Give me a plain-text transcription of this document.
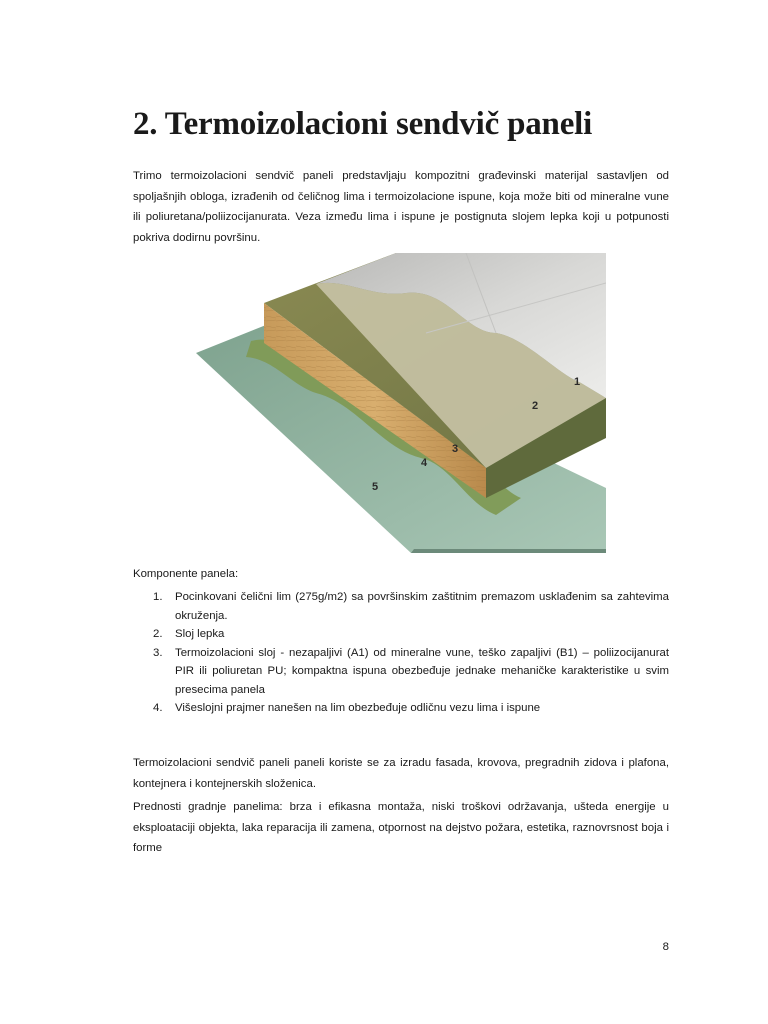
2. Termoizolacioni sendvič paneli

Trimo termoizolacioni sendvič paneli predstavljaju kompozitni građevinski materijal sastavljen od spoljašnjih obloga, izrađenih od čeličnog lima i termoizolacione ispune, koja može biti od mineralne vune ili poliuretana/poliizocijanurata. Veza između lima i ispune je postignuta slojem lepka koji u potpunosti pokriva dodirnu površinu.

1
2
3
4
5

Komponente panela:

1. Pocinkovani čelični lim (275g/m2) sa površinskim zaštitnim premazom usklađenim sa zahtevima okruženja.
2. Sloj lepka
3. Termoizolacioni sloj - nezapaljivi (A1) od mineralne vune, teško zapaljivi (B1) – poliizocijanurat PIR ili poliuretan PU; kompaktna ispuna obezbeđuje jednake mehaničke karakteristike u svim presecima panela
4. Višeslojni prajmer nanešen na lim obezbeđuje odličnu vezu lima i ispune

Termoizolacioni sendvič paneli paneli koriste se za izradu fasada, krovova, pregradnih zidova i plafona, kontejnera i kontejnerskih složenica.

Prednosti gradnje panelima: brza i efikasna montaža, niski troškovi održavanja, ušteda energije u eksploataciji objekta, laka reparacija ili zamena, otpornost na dejstvo požara, estetika, raznovrsnost boja i forme

8
